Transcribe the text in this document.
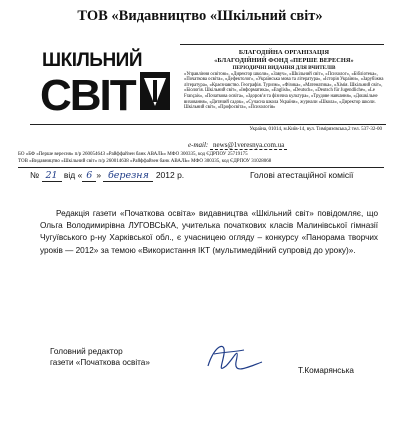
ТОВ «Видавництво «Шкільний світ»
ШКІЛЬНИЙ
СВІТ
БЛАГОДІЙНА ОРГАНІЗАЦІЯ
«БЛАГОДІЙНИЙ ФОНД «ПЕРШЕ ВЕРЕСНЯ»
ПЕРІОДИЧНІ ВИДАННЯ ДЛЯ ВЧИТЕЛІВ
«Управління освітою», «Директор школи», «Завуч», «Шкільний світ», «Психолог», «Бібліотека», «Початкова освіта», «Дефектолог», «Українська мова та література», «Історія України», «Зарубіжна література», «Краєзнавство. Географія. Туризм», «Фізика», «Математика», «Хімія. Шкільний світ», «Біологія. Шкільний світ», «Інформатика», «English», «Deutsch», «Deutsch für Jugendliche», «Le Français», «Початкова освіта», «Здоров’я та фізична культура», «Трудове навчання», «Дошкільне виховання», «Дитячий садок», «Сучасна школа України», журнали «Школа», «Директор школи. Шкільний світ», «Профосвіта», «Психологія»
Україна, 01014, м.Київ-14, вул. Тимірязєвська,2 тел. 537-32-00
e-mail: news@1veresnya.com.ua
БО «БФ «Перше вересня» п/р 26005464З «Райффайзен банк АВАЛЬ» МФО 300335, код ЄДРПОУ 25719175
ТОВ «Видавництво «Шкільний світ» п/р 2600146З8 «Райффайзен банк АВАЛЬ» МФО 300335, код ЄДРПОУ 31028068
№ 21 від « 6 » березня 2012 р.	Голові атестаційної комісії

Редакція газети «Початкова освіта» видавництва «Шкільний світ» повідомляє, що Ольга Володимирівна ЛУГОВСЬКА, учителька початкових класів Малинівської гімназії Чугуївського р-ну Харківської обл., є учасницею огляду – конкурсу «Панорама творчих уроків — 2012» за темою «Використання ІКТ (мультимедійний супровід до уроку)».

Головний редактор
газети «Початкова освіта»
Т.Комарянська
